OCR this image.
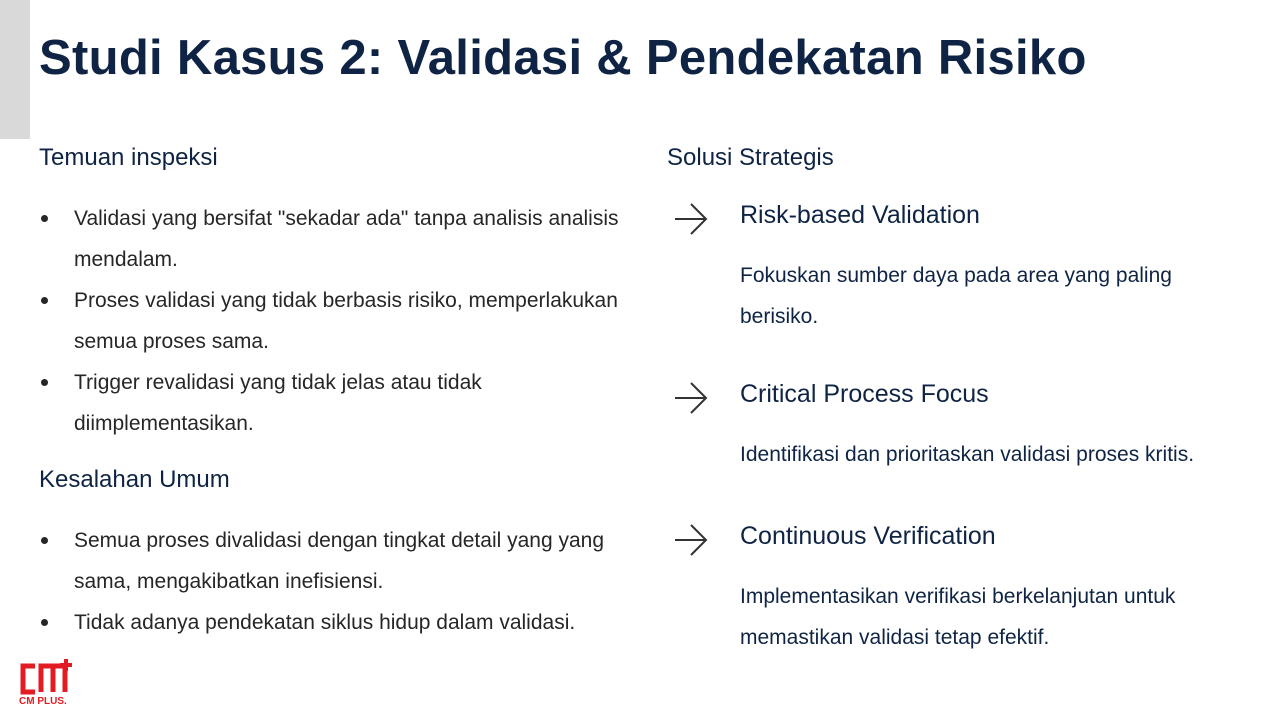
Studi Kasus 2: Validasi & Pendekatan Risiko
Temuan inspeksi
Validasi yang bersifat "sekadar ada" tanpa analisis analisis mendalam.
Proses validasi yang tidak berbasis risiko, memperlakukan semua proses sama.
Trigger revalidasi yang tidak jelas atau tidak diimplementasikan.
Kesalahan Umum
Semua proses divalidasi dengan tingkat detail yang yang sama, mengakibatkan inefisiensi.
Tidak adanya pendekatan siklus hidup dalam validasi.
Solusi Strategis
Risk-based Validation

Fokuskan sumber daya pada area yang paling berisiko.

Critical Process Focus

Identifikasi dan prioritaskan validasi proses kritis.

Continuous Verification

Implementasikan verifikasi berkelanjutan untuk memastikan validasi tetap efektif.

CM PLUS.
